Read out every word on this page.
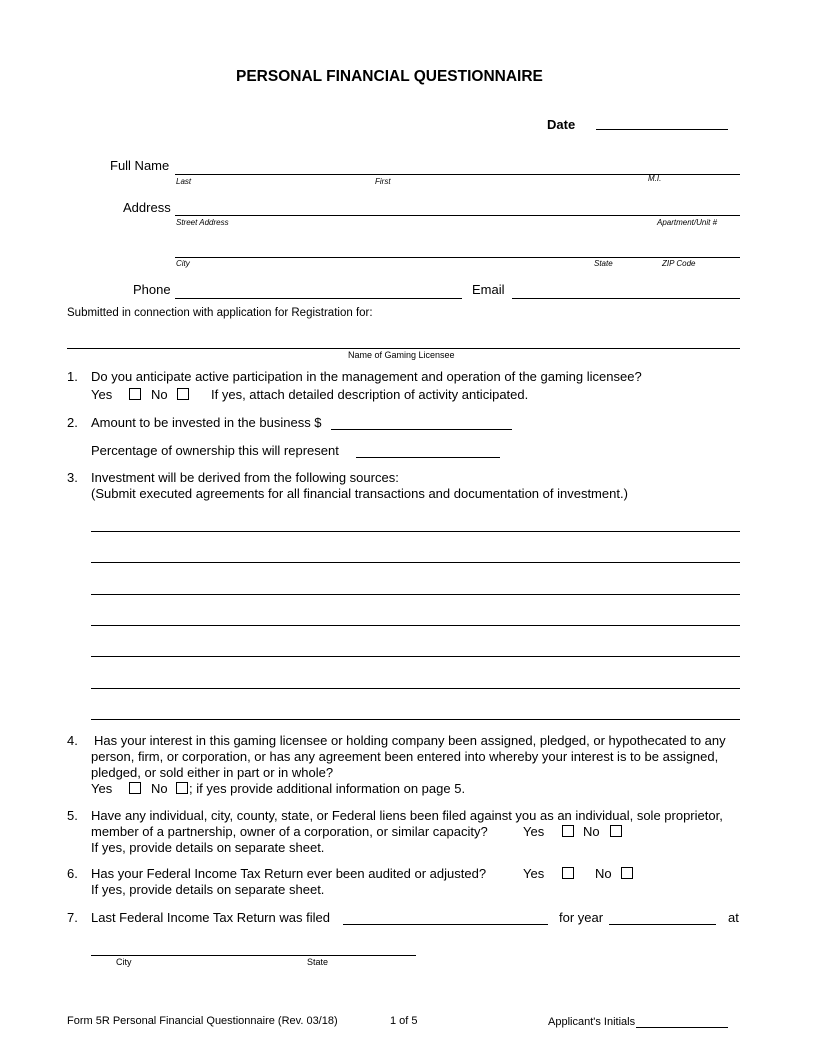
PERSONAL FINANCIAL QUESTIONNAIRE
Date
Full Name
Last	First	M.I.
Address
Street Address	Apartment/Unit #
City	State	ZIP Code
Phone	Email
Submitted in connection with application for Registration for:
Name of Gaming Licensee
1. Do you anticipate active participation in the management and operation of the gaming licensee?
Yes	No	If yes, attach detailed description of activity anticipated.
2. Amount to be invested in the business $
Percentage of ownership this will represent
3. Investment will be derived from the following sources:
(Submit executed agreements for all financial transactions and documentation of investment.)
4. Has your interest in this gaming licensee or holding company been assigned, pledged, or hypothecated to any
person, firm, or corporation, or has any agreement been entered into whereby your interest is to be assigned,
pledged, or sold either in part or in whole?
Yes	No ; if yes provide additional information on page 5.
5. Have any individual, city, county, state, or Federal liens been filed against you as an individual, sole proprietor,
member of a partnership, owner of a corporation, or similar capacity?	Yes	No
If yes, provide details on separate sheet.
6. Has your Federal Income Tax Return ever been audited or adjusted?	Yes	No
If yes, provide details on separate sheet.
7. Last Federal Income Tax Return was filed	for year	at
City	State
Form 5R Personal Financial Questionnaire (Rev. 03/18)	1 of 5	Applicant's Initials
